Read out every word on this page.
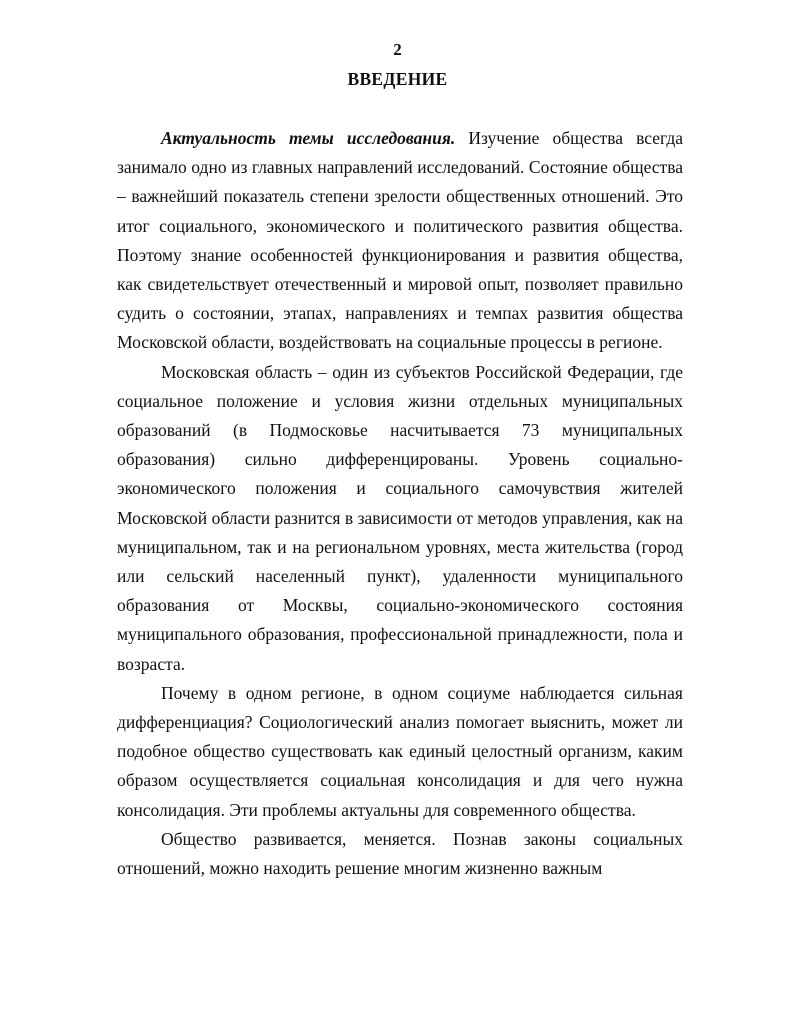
2
ВВЕДЕНИЕ

Актуальность темы исследования. Изучение общества всегда занимало одно из главных направлений исследований. Состояние общества – важнейший показатель степени зрелости общественных отношений. Это итог социального, экономического и политического развития общества. Поэтому знание особенностей функционирования и развития общества, как свидетельствует отечественный и мировой опыт, позволяет правильно судить о состоянии, этапах, направлениях и темпах развития общества Московской области, воздействовать на социальные процессы в регионе.

Московская область – один из субъектов Российской Федерации, где социальное положение и условия жизни отдельных муниципальных образований (в Подмосковье насчитывается 73 муниципальных образования) сильно дифференцированы. Уровень социально-экономического положения и социального самочувствия жителей Московской области разнится в зависимости от методов управления, как на муниципальном, так и на региональном уровнях, места жительства (город или сельский населенный пункт), удаленности муниципального образования от Москвы, социально-экономического состояния муниципального образования, профессиональной принадлежности, пола и возраста.

Почему в одном регионе, в одном социуме наблюдается сильная дифференциация? Социологический анализ помогает выяснить, может ли подобное общество существовать как единый целостный организм, каким образом осуществляется социальная консолидация и для чего нужна консолидация. Эти проблемы актуальны для современного общества.

Общество развивается, меняется. Познав законы социальных отношений, можно находить решение многим жизненно важным
